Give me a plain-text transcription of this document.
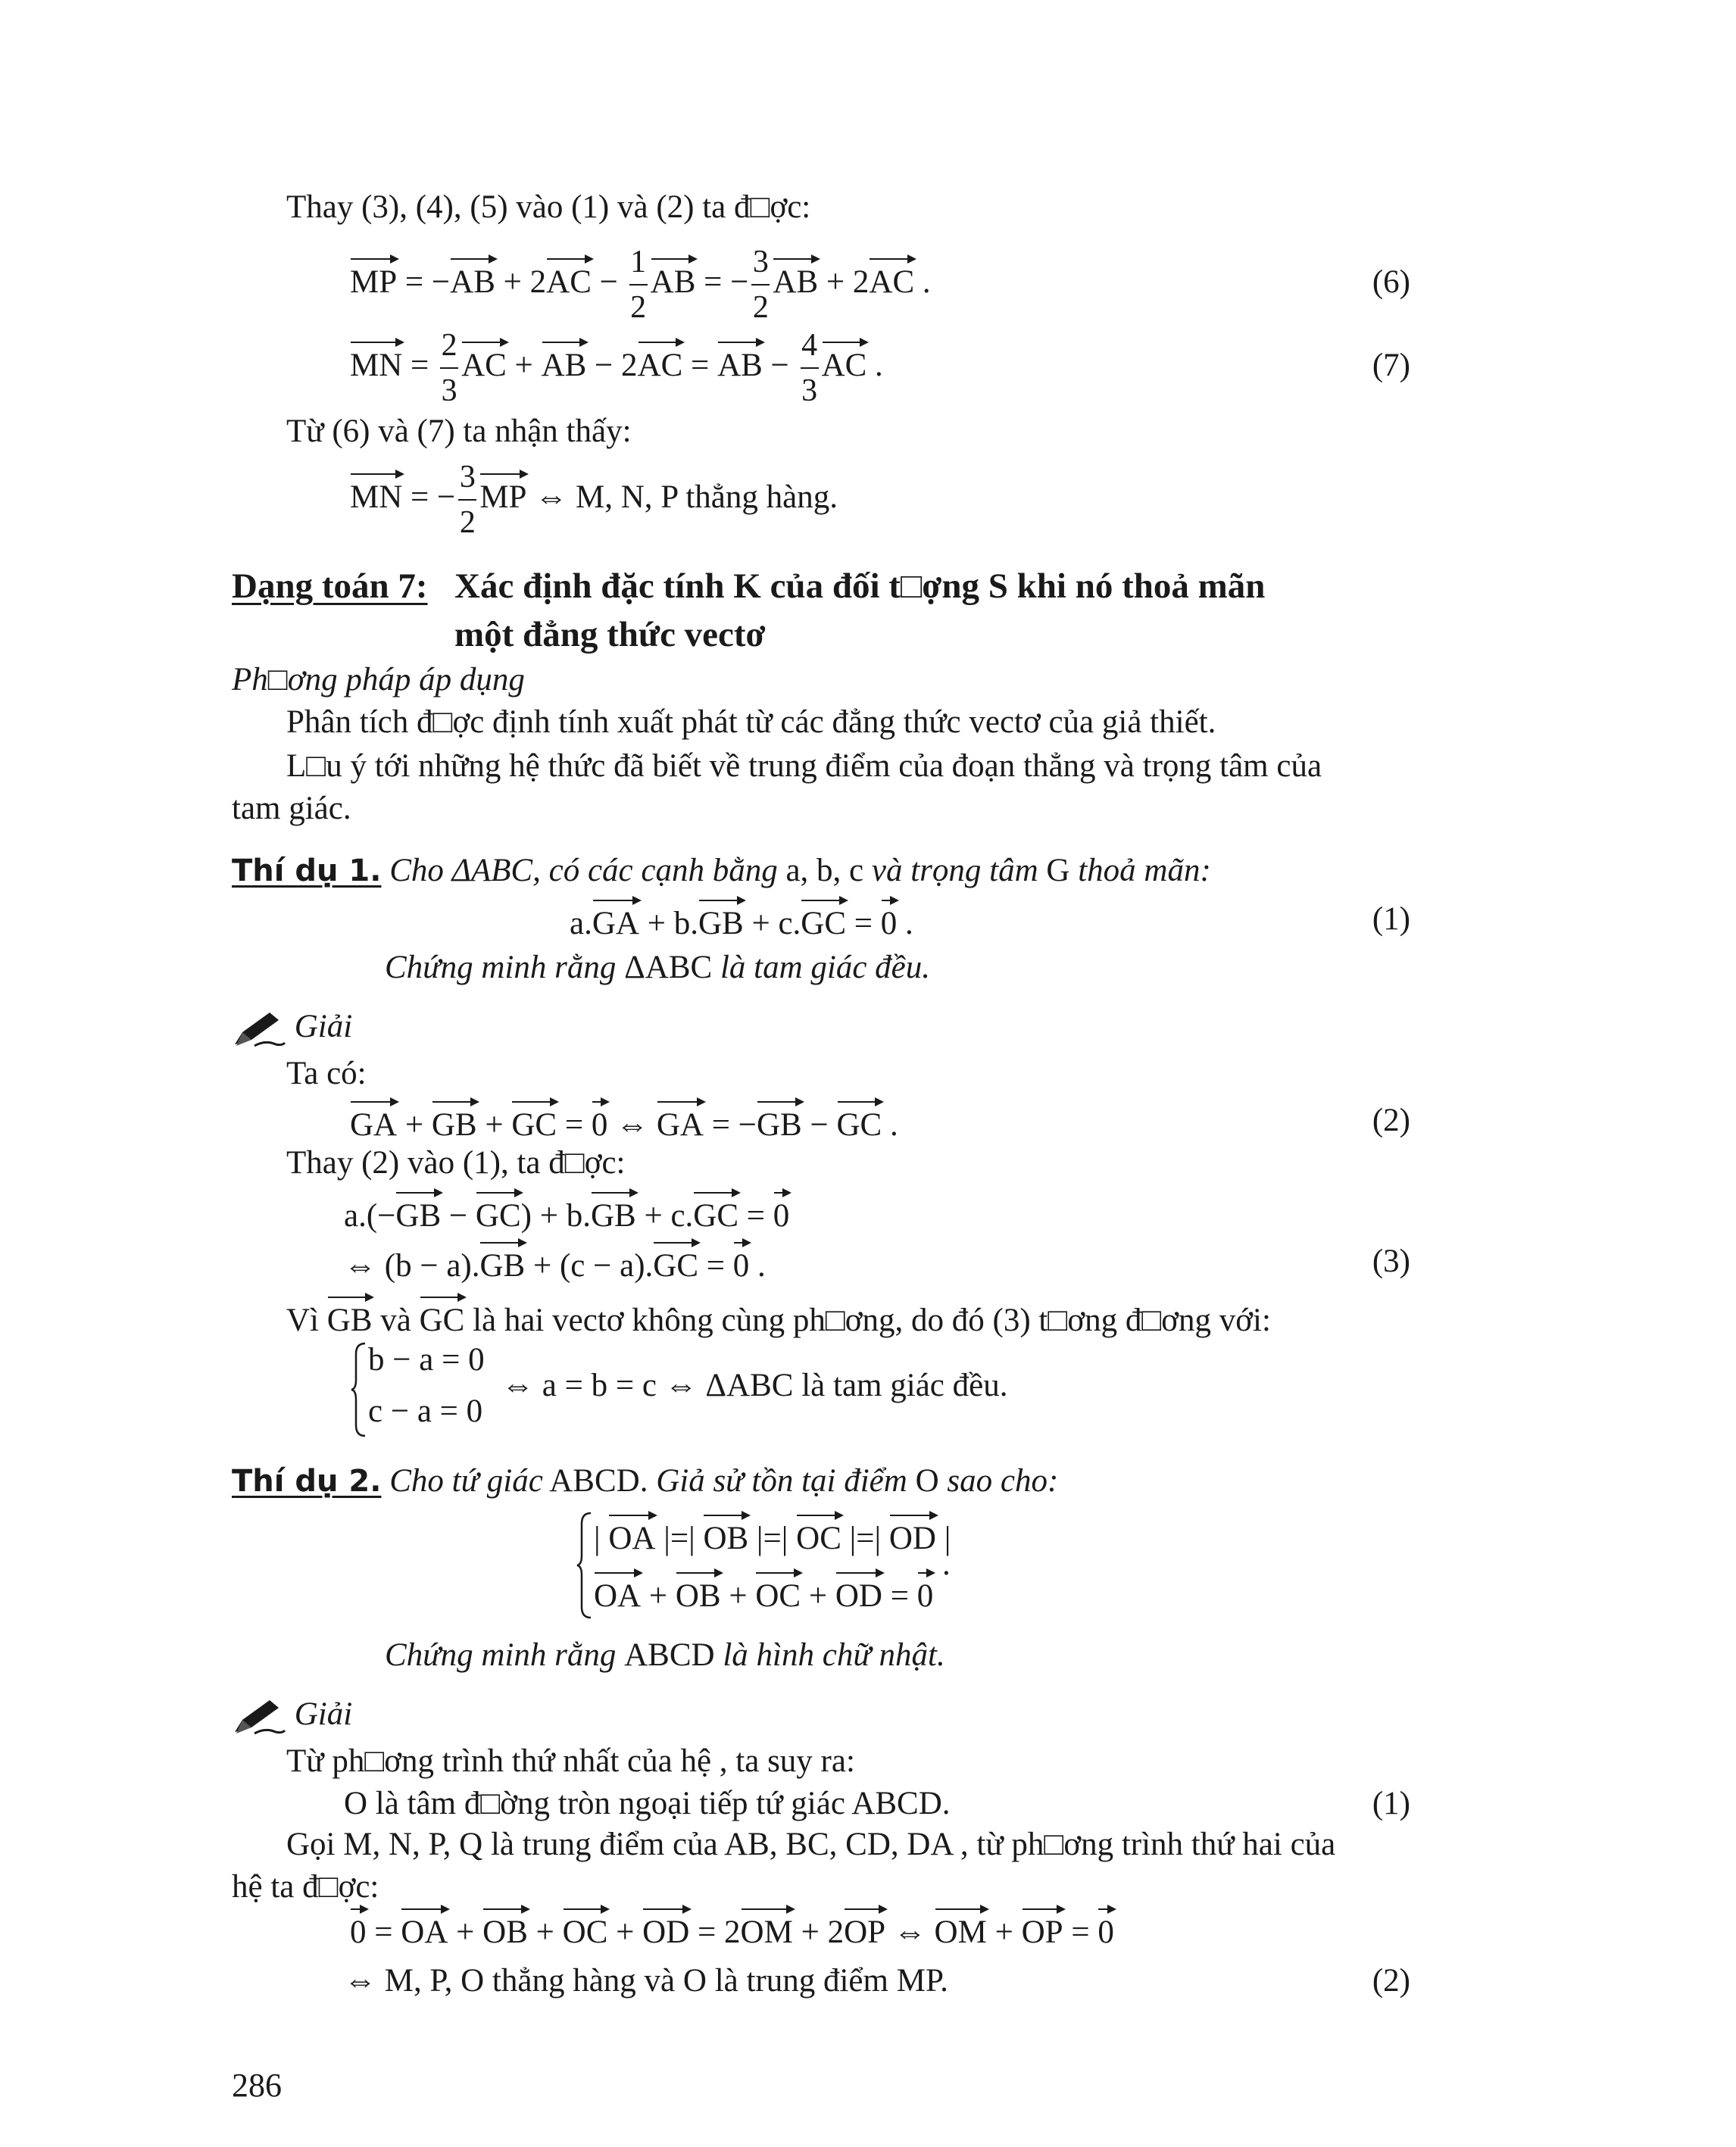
Thay (3), (4), (5) vào (1) và (2) ta đ□ợc:
MP = $-AB + 2AC - \frac{1}{2}$ AB = − $\frac{3}{2}$ AB + 2AC .	(6)
MN = $\frac{2}{3}$ AC + AB − 2AC = AB − $\frac{4}{3}$ AC .	(7)
Từ (6) và (7) ta nhận thấy:
MN = − $\frac{3}{2}$ MP ⇔ M, N, P thẳng hàng.
Dạng toán 7: Xác định đặc tính K của đối t□ợng S khi nó thoả mãn
một đẳng thức vectơ
Ph□ơng pháp áp dụng
Phân tích đ□ợc định tính xuất phát từ các đẳng thức vectơ của giả thiết.
L□u ý tới những hệ thức đã biết về trung điểm của đoạn thẳng và trọng tâm của
tam giác.
Thí dụ 1. Cho ΔABC, có các cạnh bằng a, b, c và trọng tâm G thoả mãn:
a.GA + b.GB + c.GC = 0 .	(1)
Chứng minh rằng ΔABC là tam giác đều.
Giải
Ta có:
GA + GB + GC = 0 ⇔ GA = −GB − GC .	(2)
Thay (2) vào (1), ta đ□ợc:
a.(−GB − GC) + b.GB + c.GC = 0
⇔ (b − a).GB + (c − a).GC = 0 .	(3)
Vì GB và GC là hai vectơ không cùng ph□ơng, do đó (3) t□ơng đ□ơng với:
b − a = 0
c − a = 0
⇔ a = b = c ⇔ ΔABC là tam giác đều.
Thí dụ 2. Cho tứ giác ABCD. Giả sử tồn tại điểm O sao cho:
| OA |=| OB |=| OC |=| OD |
OA + OB + OC + OD = 0
.
Chứng minh rằng ABCD là hình chữ nhật.
Giải
Từ ph□ơng trình thứ nhất của hệ , ta suy ra:
O là tâm đ□ờng tròn ngoại tiếp tứ giác ABCD.	(1)
Gọi M, N, P, Q là trung điểm của AB, BC, CD, DA , từ ph□ơng trình thứ hai của
hệ ta đ□ợc:
0 = OA + OB + OC + OD = 2OM + 2OP ⇔ OM + OP = 0
⇔ M, P, O thẳng hàng và O là trung điểm MP.	(2)
286
